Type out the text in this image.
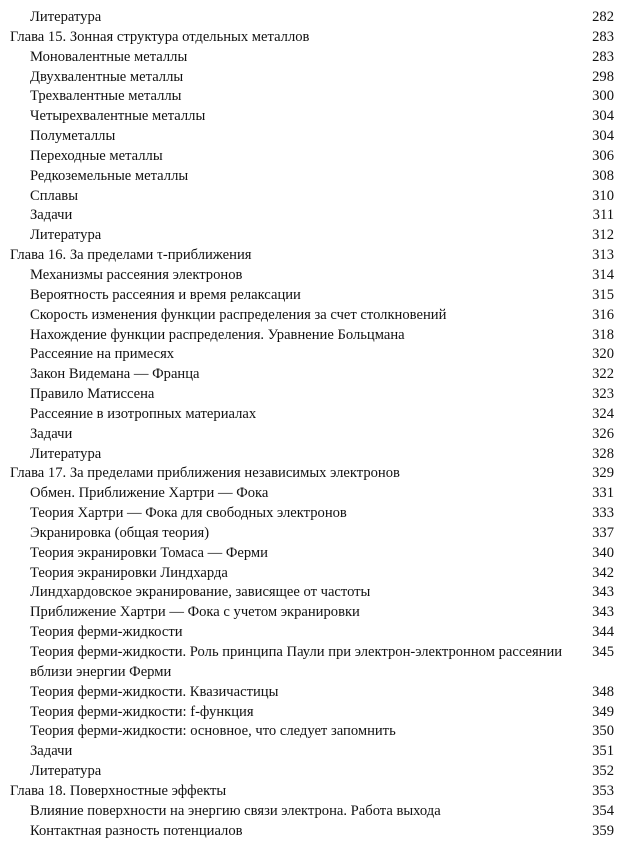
Литература	282
Глава 15. Зонная структура отдельных металлов	283
Моновалентные металлы	283
Двухвалентные металлы	298
Трехвалентные металлы	300
Четырехвалентные металлы	304
Полуметаллы	304
Переходные металлы	306
Редкоземельные металлы	308
Сплавы	310
Задачи	311
Литература	312
Глава 16. За пределами τ-приближения	313
Механизмы рассеяния электронов	314
Вероятность рассеяния и время релаксации	315
Скорость изменения функции распределения за счет столкновений	316
Нахождение функции распределения. Уравнение Больцмана	318
Рассеяние на примесях	320
Закон Видемана — Франца	322
Правило Матиссена	323
Рассеяние в изотропных материалах	324
Задачи	326
Литература	328
Глава 17. За пределами приближения независимых электронов	329
Обмен. Приближение Хартри — Фока	331
Теория Хартри — Фока для свободных электронов	333
Экранировка (общая теория)	337
Теория экранировки Томаса — Ферми	340
Теория экранировки Линдхарда	342
Линдхардовское экранирование, зависящее от частоты	343
Приближение Хартри — Фока с учетом экранировки	343
Теория ферми-жидкости	344
Теория ферми-жидкости. Роль принципа Паули при электрон-электронном рассеянии вблизи энергии Ферми
345
Теория ферми-жидкости. Квазичастицы	348
Теория ферми-жидкости: f-функция	349
Теория ферми-жидкости: основное, что следует запомнить	350
Задачи	351
Литература	352
Глава 18. Поверхностные эффекты	353
Влияние поверхности на энергию связи электрона. Работа выхода	354
Контактная разность потенциалов	359
